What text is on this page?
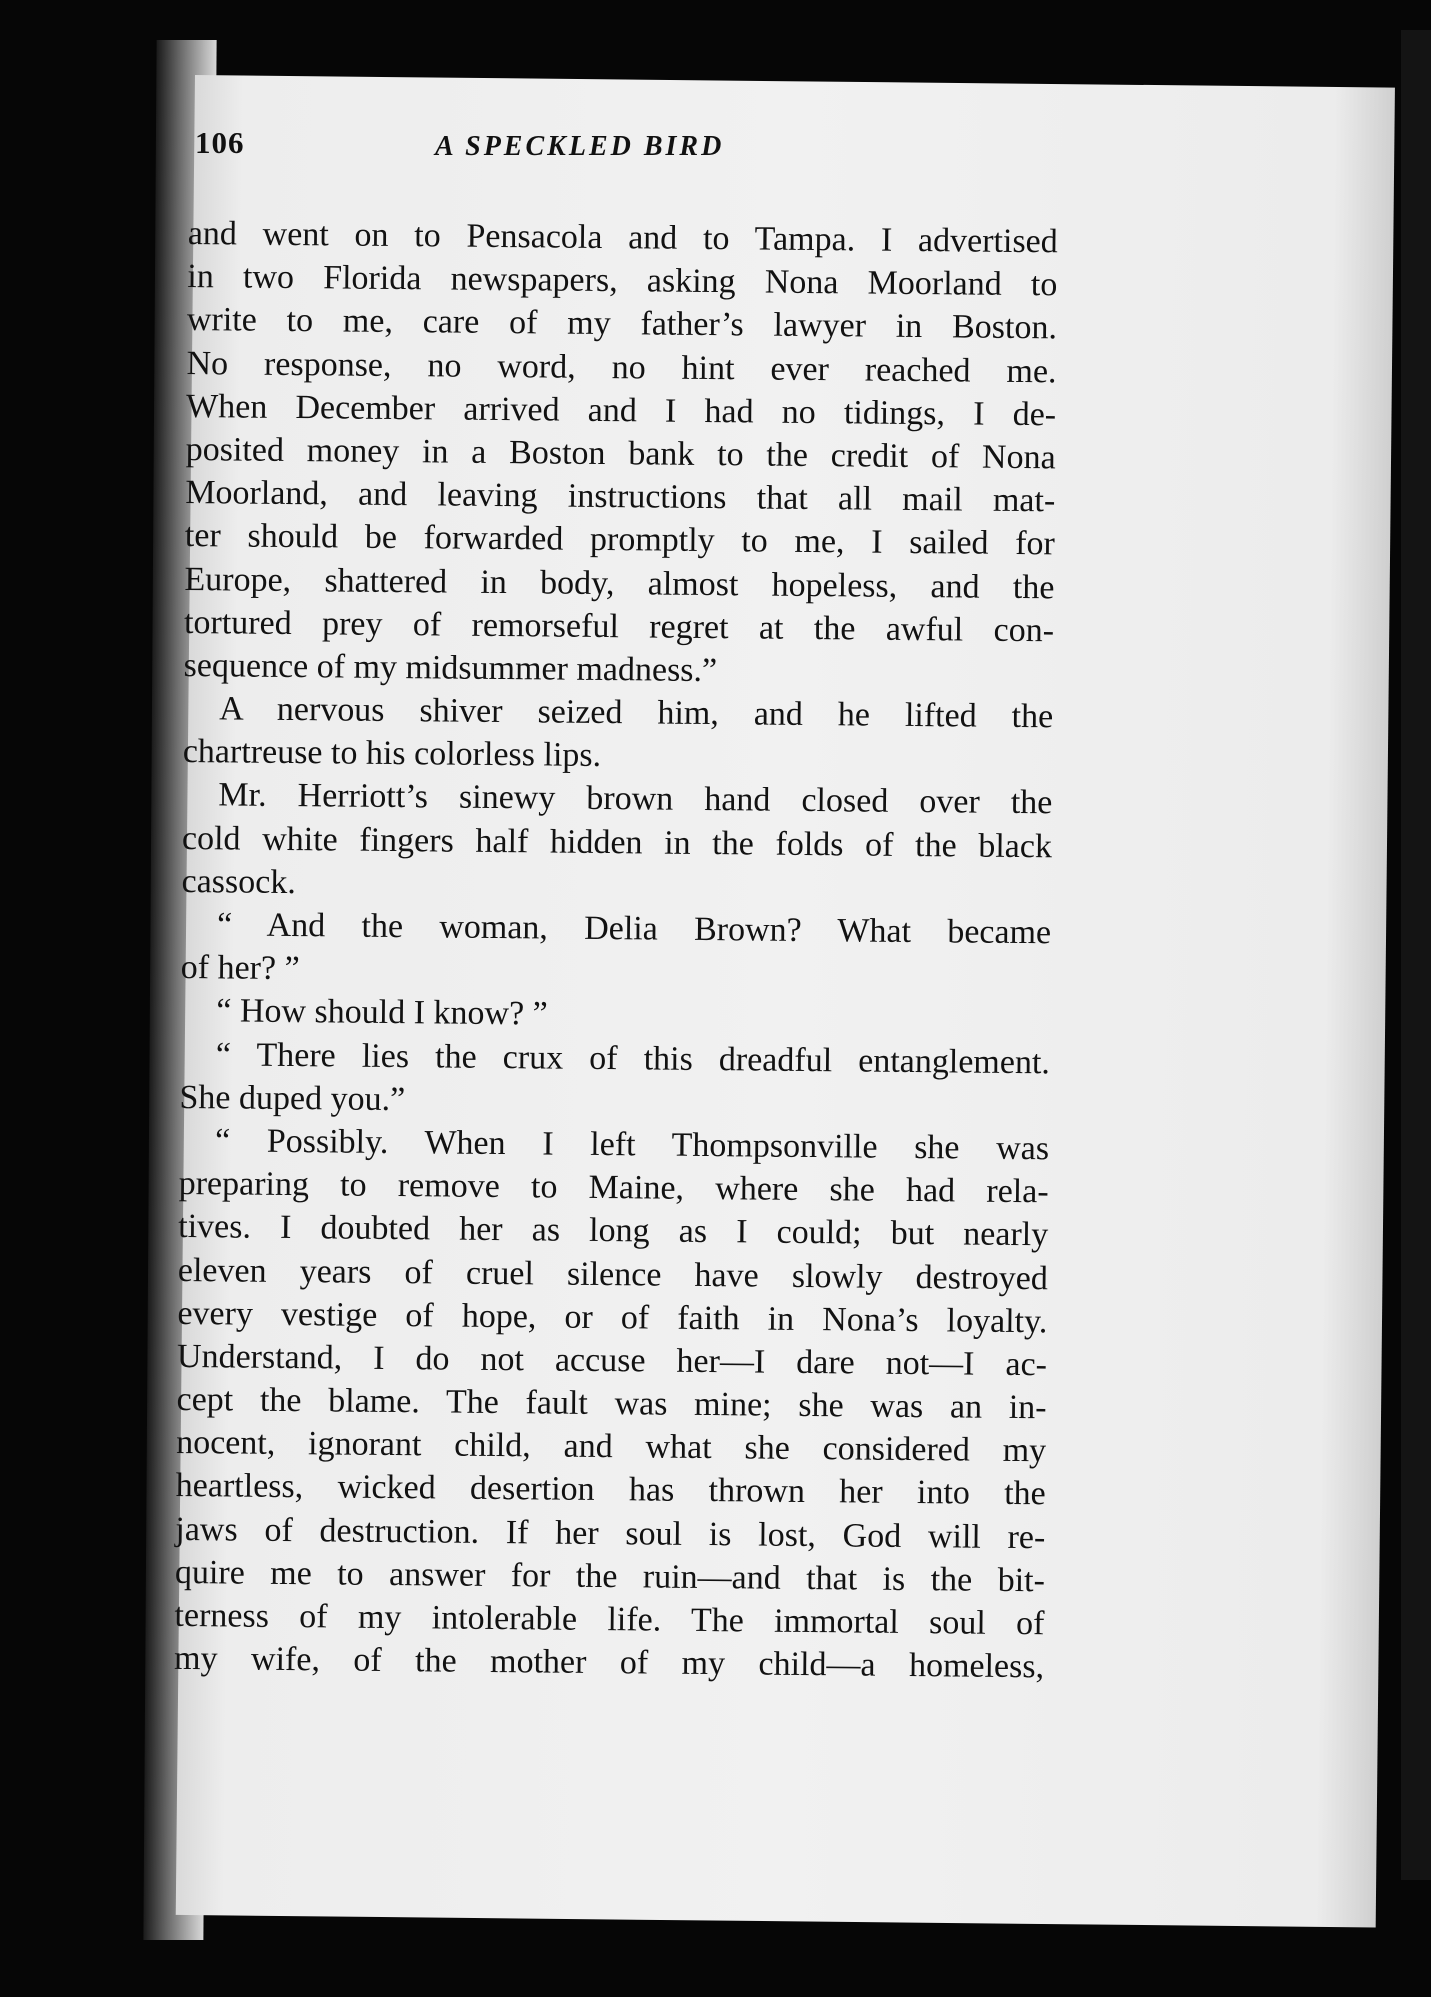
106	A SPECKLED BIRD
and went on to Pensacola and to Tampa. I advertised
in two Florida newspapers, asking Nona Moorland to
write to me, care of my father’s lawyer in Boston.
No response, no word, no hint ever reached me.
When December arrived and I had no tidings, I de-
posited money in a Boston bank to the credit of Nona
Moorland, and leaving instructions that all mail mat-
ter should be forwarded promptly to me, I sailed for
Europe, shattered in body, almost hopeless, and the
tortured prey of remorseful regret at the awful con-
sequence of my midsummer madness.”
A nervous shiver seized him, and he lifted the
chartreuse to his colorless lips.
Mr. Herriott’s sinewy brown hand closed over the
cold white fingers half hidden in the folds of the black
cassock.
“ And the woman, Delia Brown? What became
of her? ”
“ How should I know? ”
“ There lies the crux of this dreadful entanglement.
She duped you.”
“ Possibly. When I left Thompsonville she was
preparing to remove to Maine, where she had rela-
tives. I doubted her as long as I could; but nearly
eleven years of cruel silence have slowly destroyed
every vestige of hope, or of faith in Nona’s loyalty.
Understand, I do not accuse her—I dare not—I ac-
cept the blame. The fault was mine; she was an in-
nocent, ignorant child, and what she considered my
heartless, wicked desertion has thrown her into the
jaws of destruction. If her soul is lost, God will re-
quire me to answer for the ruin—and that is the bit-
terness of my intolerable life. The immortal soul of
my wife, of the mother of my child—a homeless,
